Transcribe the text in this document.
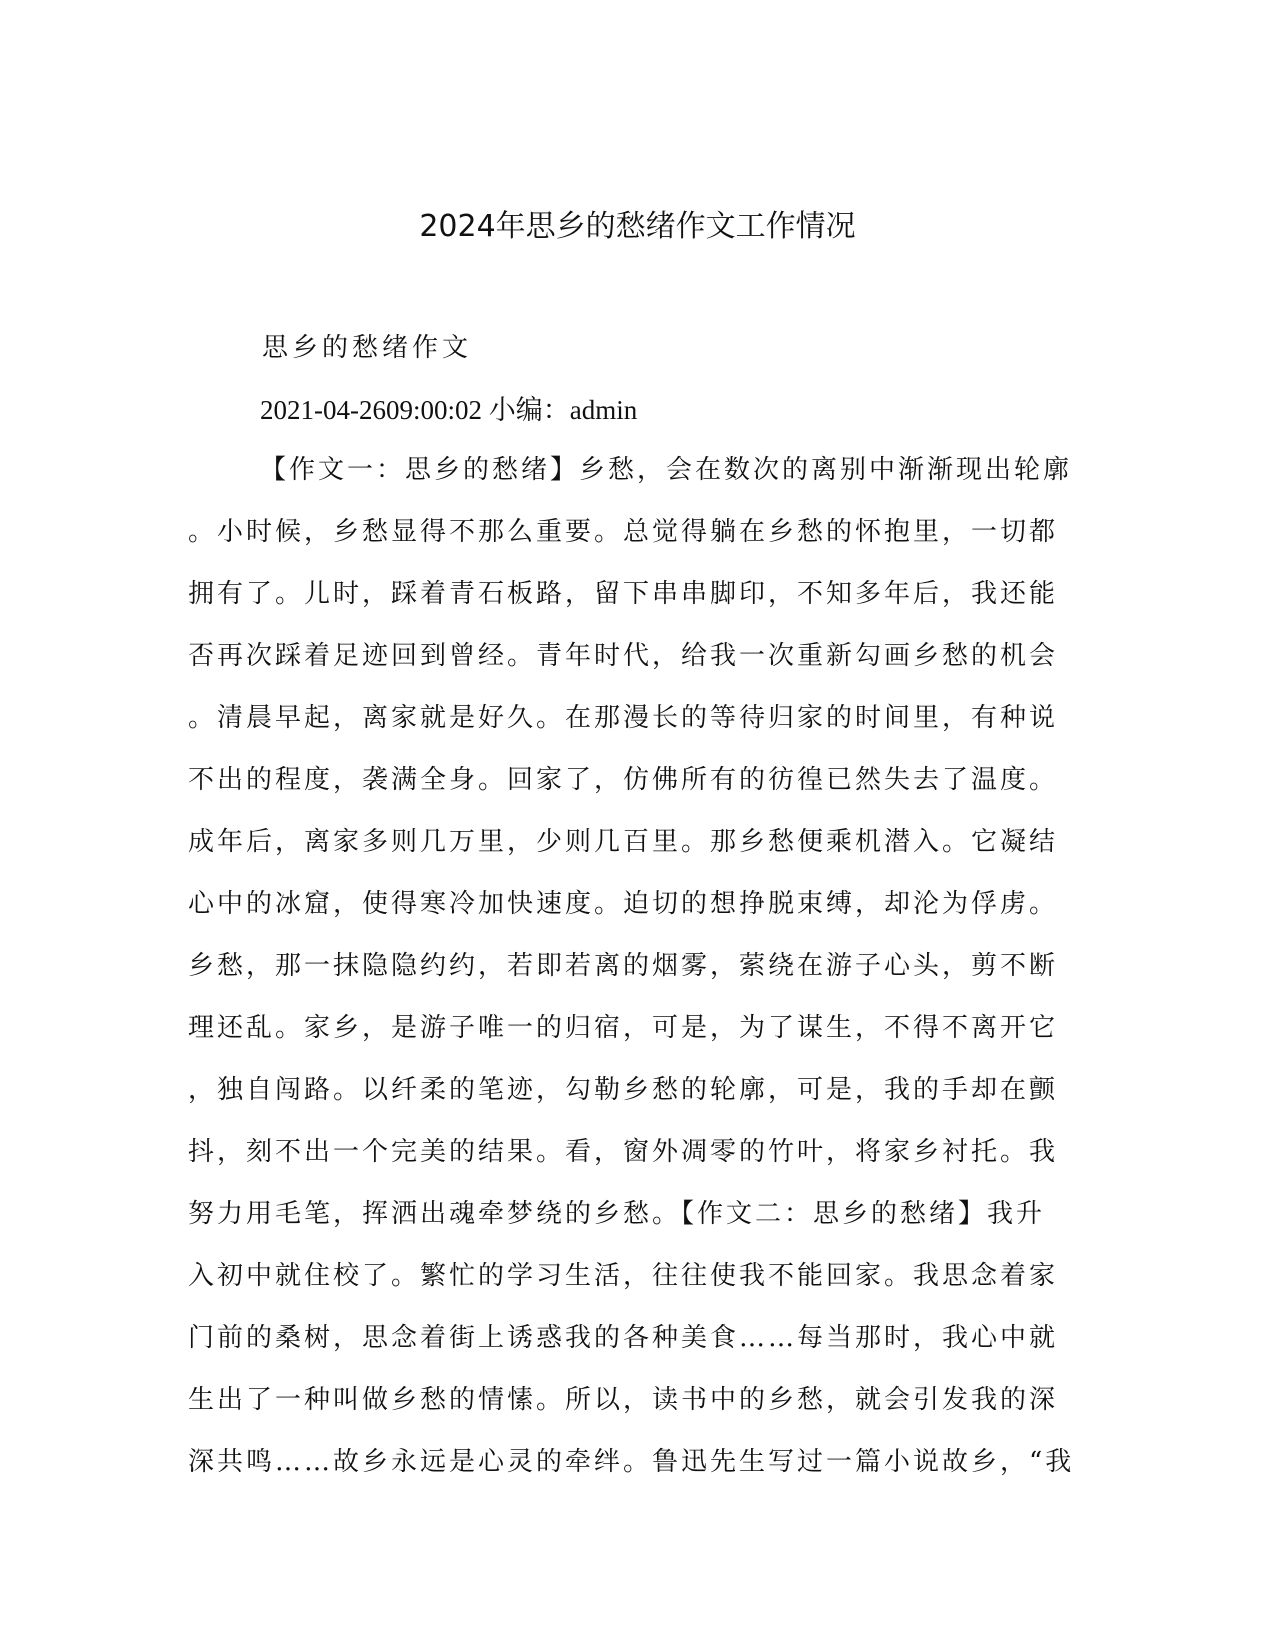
2024年思乡的愁绪作文工作情况
思乡的愁绪作文
2021-04-2609:00:02 小编：admin
【作文一：思乡的愁绪】乡愁，会在数次的离别中渐渐现出轮廓
。小时候，乡愁显得不那么重要。总觉得躺在乡愁的怀抱里，一切都
拥有了。儿时，踩着青石板路，留下串串脚印，不知多年后，我还能
否再次踩着足迹回到曾经。青年时代，给我一次重新勾画乡愁的机会
。清晨早起，离家就是好久。在那漫长的等待归家的时间里，有种说
不出的程度，袭满全身。回家了，仿佛所有的彷徨已然失去了温度。
成年后，离家多则几万里，少则几百里。那乡愁便乘机潜入。它凝结
心中的冰窟，使得寒冷加快速度。迫切的想挣脱束缚，却沦为俘虏。
乡愁，那一抹隐隐约约，若即若离的烟雾，萦绕在游子心头，剪不断
理还乱。家乡，是游子唯一的归宿，可是，为了谋生，不得不离开它
，独自闯路。以纤柔的笔迹，勾勒乡愁的轮廓，可是，我的手却在颤
抖，刻不出一个完美的结果。看，窗外凋零的竹叶，将家乡衬托。我
努力用毛笔，挥洒出魂牵梦绕的乡愁。【作文二：思乡的愁绪】我升
入初中就住校了。繁忙的学习生活，往往使我不能回家。我思念着家
门前的桑树，思念着街上诱惑我的各种美食……每当那时，我心中就
生出了一种叫做乡愁的情愫。所以，读书中的乡愁，就会引发我的深
深共鸣……故乡永远是心灵的牵绊。鲁迅先生写过一篇小说故乡，“我
